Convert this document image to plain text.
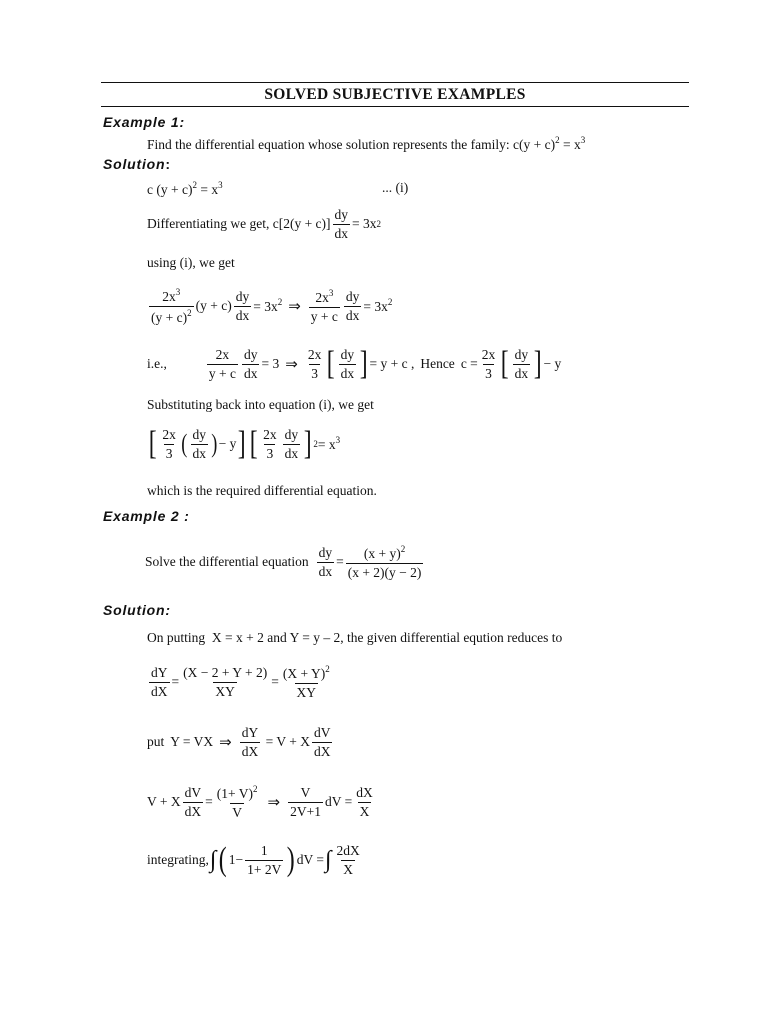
SOLVED SUBJECTIVE EXAMPLES
Example 1:
Find the differential equation whose solution represents the family: $c(y + c)^2 = x^3$
Solution:
c $(y + c)^2 = x^3$	... (i)
Differentiating we get, $c[2(y + c)] \frac{dy}{dx} = 3x$ 2
using (i), we get
$\frac{2x^3}{(y + c)^2} (y + c) \frac{dy}{dx} = 3x^2$ ⇒ $\frac{2x^3}{y + c} \frac{dy}{dx} = 3x^2$
i.e.,	$\frac{2x}{y + c} \frac{dy}{dx} = 3$ ⇒ $\frac{2x}{3}$ [ $\frac{dy}{dx}$ ] = y + c , Hence $c = \frac{2x}{3}$ [ $\frac{dy}{dx}$ ] − y
Substituting back into equation (i), we get
[ $\frac{2x}{3}$ ( $\frac{dy}{dx}$ ) − y ] [ $\frac{2x}{3} \frac{dy}{dx}$ ] $2 = x^3$
which is the required differential equation.
Example 2 :
Solve the differential equation $\frac{dy}{dx} = \frac{(x + y)^2}{(x + 2)(y - 2)}$
Solution:
On putting  X = x + 2 and Y = y – 2, the given differential eqution reduces to
$\frac{dY}{dX} = \frac{(X - 2 + Y + 2)}{XY} = \frac{(X + Y)^2}{XY}$
put Y = VX ⇒ $\frac{dY}{dX} = V + X \frac{dV}{dX}$
V + X $\frac{dV}{dX} = \frac{(1+ V)^2}{V}$ ⇒ $\frac{V}{2V+1}$ dV = $\frac{dX}{X}$
integrating, ∫ ( $1- \frac{1}{1+ 2V}$ ) dV = ∫ $\frac{2dX}{X}$
